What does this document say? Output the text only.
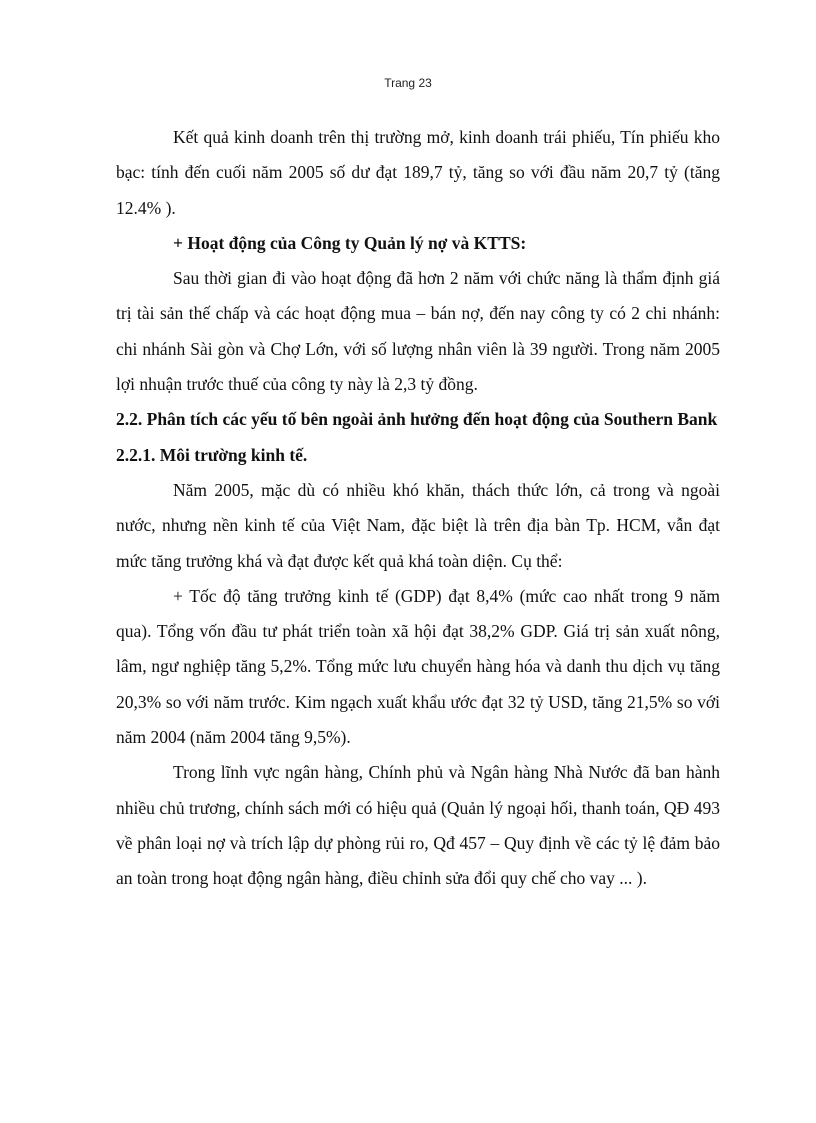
Trang 23

Kết quả kinh doanh trên thị trường mở, kinh doanh trái phiếu, Tín phiếu kho bạc: tính đến cuối năm 2005 số dư đạt 189,7 tỷ, tăng so với đầu năm 20,7 tỷ (tăng 12.4% ).

+ Hoạt động của Công ty Quản lý nợ và KTTS:

Sau thời gian đi vào hoạt động đã hơn 2 năm với chức năng là thẩm định giá trị tài sản thế chấp và các hoạt động mua – bán nợ, đến nay công ty có 2 chi nhánh: chi nhánh Sài gòn và Chợ Lớn, với số lượng nhân viên là 39 người. Trong năm 2005 lợi nhuận trước thuế của công ty này là 2,3 tỷ đồng.

2.2. Phân tích các yếu tố bên ngoài ảnh hưởng đến hoạt động của Southern Bank

2.2.1. Môi trường kinh tế.

Năm 2005, mặc dù có nhiều khó khăn, thách thức lớn, cả trong và ngoài nước, nhưng nền kinh tế của Việt Nam, đặc biệt là trên địa bàn Tp. HCM, vẫn đạt mức tăng trưởng khá và đạt được kết quả khá toàn diện. Cụ thể:

+ Tốc độ tăng trưởng kinh tế (GDP) đạt 8,4% (mức cao nhất trong 9 năm qua). Tổng vốn đầu tư phát triển toàn xã hội đạt 38,2% GDP. Giá trị sản xuất nông, lâm, ngư nghiệp tăng 5,2%. Tổng mức lưu chuyển hàng hóa và danh thu dịch vụ tăng 20,3% so với năm trước. Kim ngạch xuất khẩu ước đạt 32 tỷ USD, tăng 21,5% so với năm 2004 (năm 2004 tăng 9,5%).

Trong lĩnh vực ngân hàng, Chính phủ và Ngân hàng Nhà Nước đã ban hành nhiều chủ trương, chính sách mới có hiệu quả (Quản lý ngoại hối, thanh toán, QĐ 493 về phân loại nợ và trích lập dự phòng rủi ro, Qđ 457 – Quy định về các tỷ lệ đảm bảo an toàn trong hoạt động ngân hàng, điều chỉnh sửa đổi quy chế cho vay ... ).
